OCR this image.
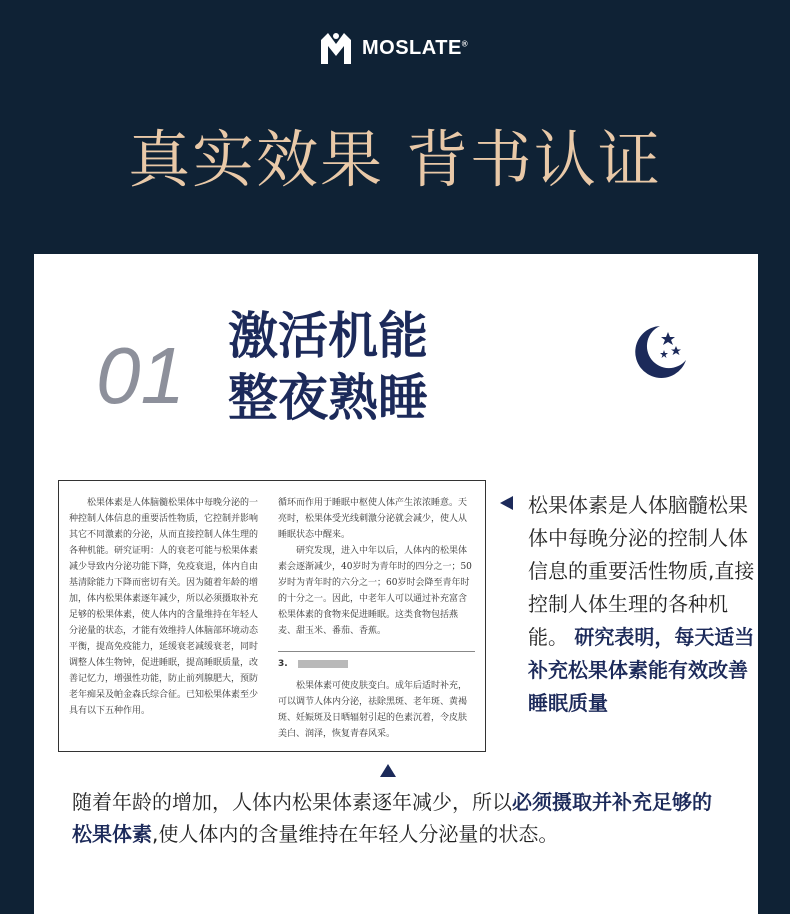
MOSLATE®
真实效果 背书认证
01 激活机能
整夜熟睡

松果体素是人体脑髓松果体中每晚分泌的一种控制人体信息的重要活性物质，它控制并影响其它不同激素的分泌，从而直接控制人体生理的各种机能。研究证明：人的衰老可能与松果体素减少导致内分泌功能下降，免疫衰退，体内自由基清除能力下降而密切有关。因为随着年龄的增加，体内松果体素逐年减少，所以必须摄取补充足够的松果体素，使人体内的含量维持在年轻人分泌量的状态，才能有效维持人体脑部环境动态平衡，提高免疫能力，延缓衰老减缓衰老，同时调整人体生物钟，促进睡眠，提高睡眠质量，改善记忆力，增强性功能，防止前列腺肥大，预防老年痴呆及帕金森氏综合征。已知松果体素至少具有以下五种作用。

循环而作用于睡眠中枢使人体产生浓浓睡意。天亮时，松果体受光线刺激分泌就会减少，使人从睡眠状态中醒来。

研究发现，进入中年以后，人体内的松果体素会逐渐减少，40岁时为青年时的四分之一；50岁时为青年时的六分之一；60岁时会降至青年时的十分之一。因此，中老年人可以通过补充富含松果体素的食物来促进睡眠。这类食物包括燕麦、甜玉米、番茄、香蕉。

3.

松果体素可使皮肤变白。成年后适时补充，可以调节人体内分泌，祛除黑斑、老年斑、黄褐斑、妊娠斑及日晒辐射引起的色素沉着，令皮肤美白、润泽，恢复青春风采。

松果体素是人体脑髓松果体中每晚分泌的控制人体信息的重要活性物质,直接控制人体生理的各种机能。 研究表明，每天适当补充松果体素能有效改善睡眠质量
随着年龄的增加，人体内松果体素逐年减少，所以必须摄取并补充足够的松果体素,使人体内的含量维持在年轻人分泌量的状态。
